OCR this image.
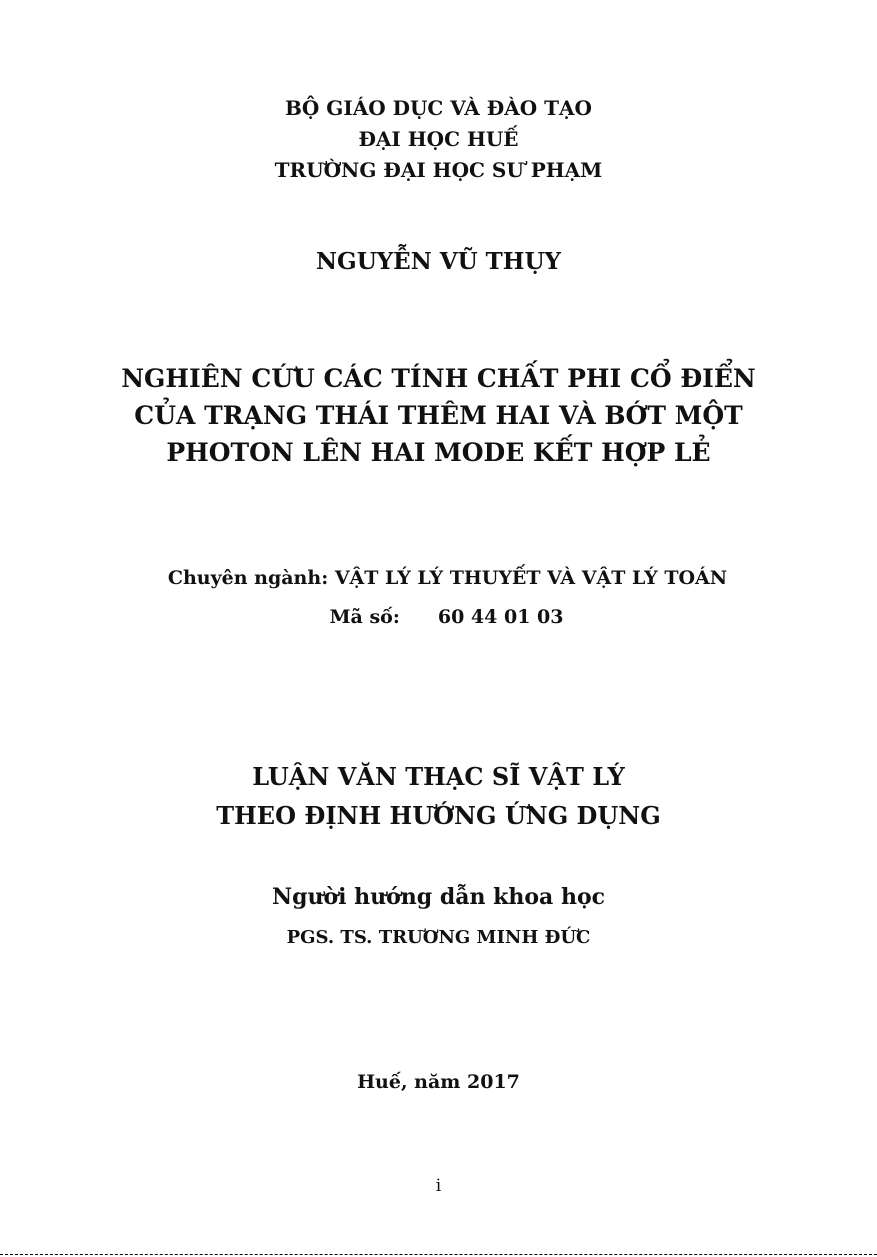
BỘ GIÁO DỤC VÀ ĐÀO TẠO
ĐẠI HỌC HUẾ
TRƯỜNG ĐẠI HỌC SƯ PHẠM
NGUYỄN VŨ THỤY
NGHIÊN CỨU CÁC TÍNH CHẤT PHI CỔ ĐIỂN
CỦA TRẠNG THÁI THÊM HAI VÀ BỚT MỘT
PHOTON LÊN HAI MODE KẾT HỢP LẺ
Chuyên ngành: VẬT LÝ LÝ THUYẾT VÀ VẬT LÝ TOÁN
Mã số: 60 44 01 03
LUẬN VĂN THẠC SĨ VẬT LÝ
THEO ĐỊNH HƯỚNG ỨNG DỤNG
Người hướng dẫn khoa học
PGS. TS. TRƯƠNG MINH ĐỨC
Huế, năm 2017
i
